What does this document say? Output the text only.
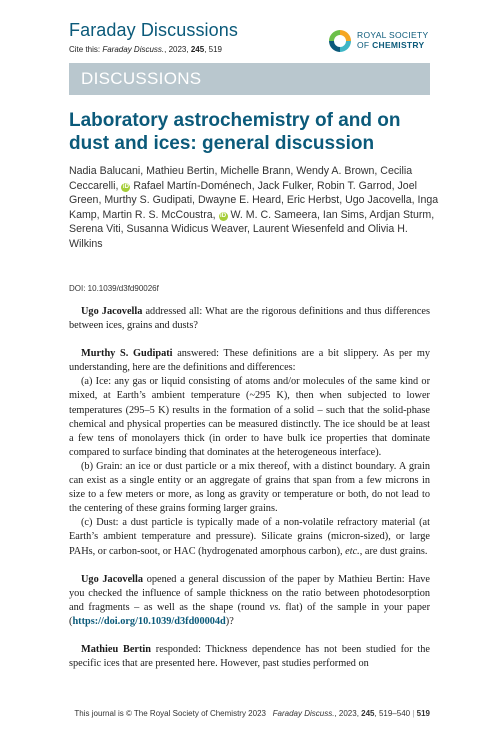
Faraday Discussions
Cite this: Faraday Discuss., 2023, 245, 519
ROYAL SOCIETY
OF CHEMISTRY
DISCUSSIONS
Laboratory astrochemistry of and on dust and ices: general discussion
Nadia Balucani, Mathieu Bertin, Michelle Brann, Wendy A. Brown, Cecilia Ceccarelli, iD Rafael Martín-Doménech, Jack Fulker, Robin T. Garrod, Joel Green, Murthy S. Gudipati, Dwayne E. Heard, Eric Herbst, Ugo Jacovella, Inga Kamp, Martin R. S. McCoustra, iD W. M. C. Sameera, Ian Sims, Ardjan Sturm, Serena Viti, Susanna Widicus Weaver, Laurent Wiesenfeld and Olivia H. Wilkins
DOI: 10.1039/d3fd90026f

Ugo Jacovella addressed all: What are the rigorous definitions and thus differences between ices, grains and dusts?

Murthy S. Gudipati answered: These definitions are a bit slippery. As per my understanding, here are the definitions and differences:

(a) Ice: any gas or liquid consisting of atoms and/or molecules of the same kind or mixed, at Earth’s ambient temperature (~295 K), then when subjected to lower temperatures (295–5 K) results in the formation of a solid – such that the solid-phase chemical and physical properties can be measured distinctly. The ice should be at least a few tens of monolayers thick (in order to have bulk ice properties that dominate compared to surface binding that dominates at the heterogeneous interface).

(b) Grain: an ice or dust particle or a mix thereof, with a distinct boundary. A grain can exist as a single entity or an aggregate of grains that span from a few microns in size to a few meters or more, as long as gravity or temperature or both, do not lead to the centering of these grains forming larger grains.

(c) Dust: a dust particle is typically made of a non-volatile refractory material (at Earth’s ambient temperature and pressure). Silicate grains (micron-sized), or large PAHs, or carbon-soot, or HAC (hydrogenated amorphous carbon), etc., are dust grains.

Ugo Jacovella opened a general discussion of the paper by Mathieu Bertin: Have you checked the influence of sample thickness on the ratio between photodesorption and fragments – as well as the shape (round vs. flat) of the sample in your paper (https://doi.org/10.1039/d3fd00004d)?

Mathieu Bertin responded: Thickness dependence has not been studied for the specific ices that are presented here. However, past studies performed on

This journal is © The Royal Society of Chemistry 2023 Faraday Discuss., 2023, 245, 519–540 | 519
